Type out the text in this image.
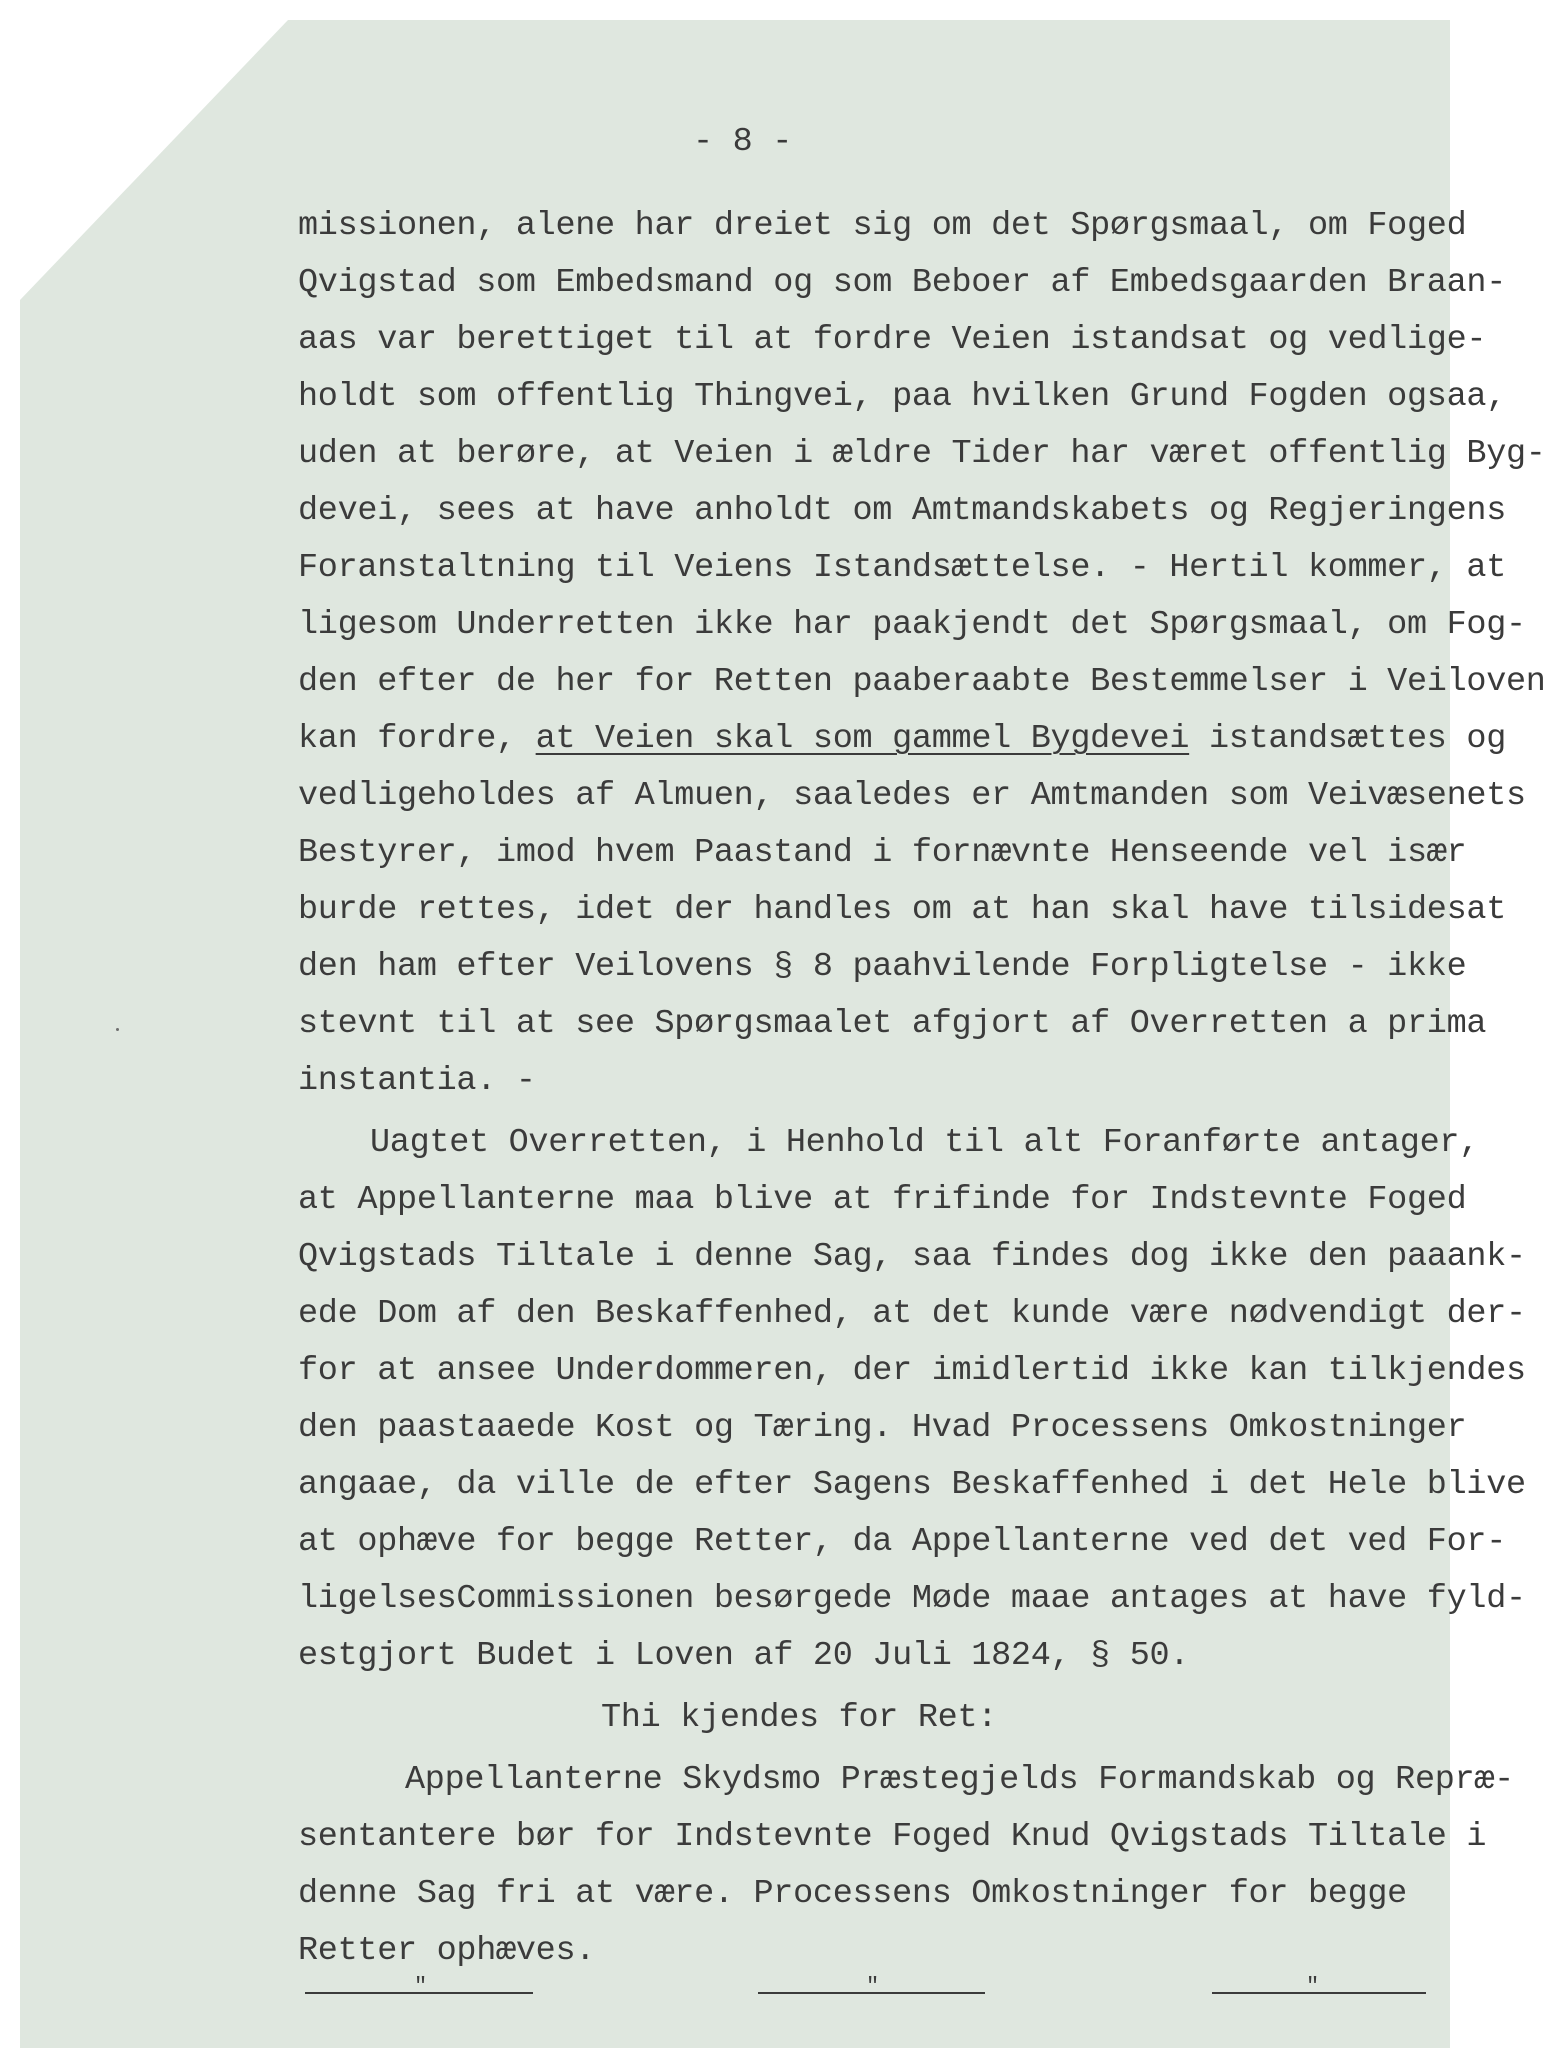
- 8 -
missionen, alene har dreiet sig om det Spørgsmaal, om Foged
Qvigstad som Embedsmand og som Beboer af Embedsgaarden Braan-
aas var berettiget til at fordre Veien istandsat og vedlige-
holdt som offentlig Thingvei, paa hvilken Grund Fogden ogsaa,
uden at berøre, at Veien i ældre Tider har været offentlig Byg-
devei, sees at have anholdt om Amtmandskabets og Regjeringens
Foranstaltning til Veiens Istandsættelse. - Hertil kommer, at
ligesom Underretten ikke har paakjendt det Spørgsmaal, om Fog-
den efter de her for Retten paaberaabte Bestemmelser i Veiloven
kan fordre, at Veien skal som gammel Bygdevei istandsættes og
vedligeholdes af Almuen, saaledes er Amtmanden som Veivæsenets
Bestyrer, imod hvem Paastand i fornævnte Henseende vel især
burde rettes, idet der handles om at han skal have tilsidesat
den ham efter Veilovens § 8 paahvilende Forpligtelse - ikke
stevnt til at see Spørgsmaalet afgjort af Overretten a prima
instantia. -
Uagtet Overretten, i Henhold til alt Foranførte antager,
at Appellanterne maa blive at frifinde for Indstevnte Foged
Qvigstads Tiltale i denne Sag, saa findes dog ikke den paaank-
ede Dom af den Beskaffenhed, at det kunde være nødvendigt der-
for at ansee Underdommeren, der imidlertid ikke kan tilkjendes
den paastaaede Kost og Tæring. Hvad Processens Omkostninger
angaae, da ville de efter Sagens Beskaffenhed i det Hele blive
at ophæve for begge Retter, da Appellanterne ved det ved For-
ligelsesCommissionen besørgede Møde maae antages at have fyld-
estgjort Budet i Loven af 20 Juli 1824, § 50.
Thi kjendes for Ret:
Appellanterne Skydsmo Præstegjelds Formandskab og Repræ-
sentantere bør for Indstevnte Foged Knud Qvigstads Tiltale i
denne Sag fri at være. Processens Omkostninger for begge
Retter ophæves.
"	"	"
